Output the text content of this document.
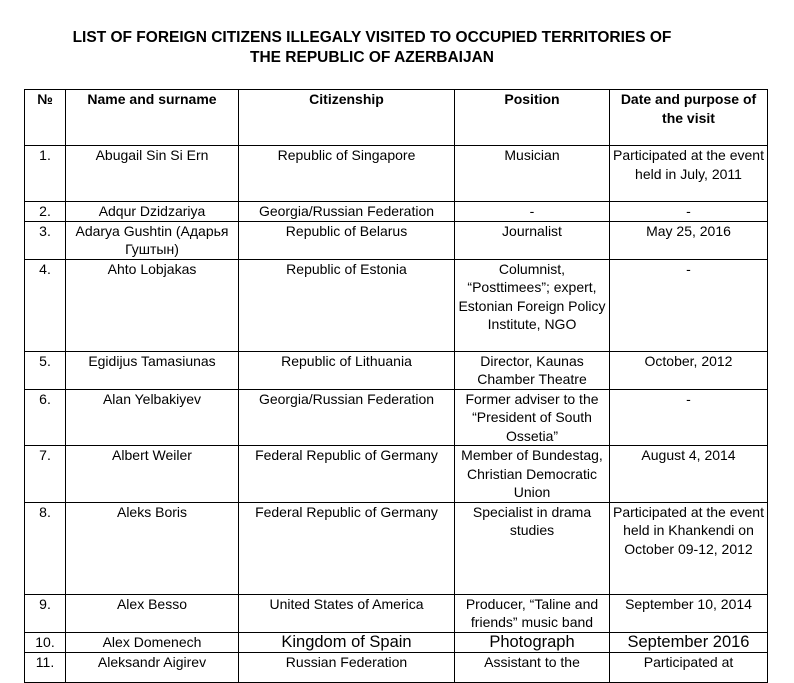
LIST OF FOREIGN CITIZENS ILLEGALY VISITED TO OCCUPIED TERRITORIES OF
THE REPUBLIC OF AZERBAIJAN
№	Name and surname	Citizenship	Position	Date and purpose of the visit
1.	Abugail Sin Si Ern	Republic of Singapore	Musician	Participated at the event held in July, 2011
2.	Adqur Dzidzariya	Georgia/Russian Federation	-	-
3.	Adarya Gushtin (Адарья Гуштын)	Republic of Belarus	Journalist	May 25, 2016
4.	Ahto Lobjakas	Republic of Estonia	Columnist, “Posttimees”; expert, Estonian Foreign Policy Institute, NGO	-
5.	Egidijus Tamasiunas	Republic of Lithuania	Director, Kaunas Chamber Theatre	October, 2012
6.	Alan Yelbakiyev	Georgia/Russian Federation	Former adviser to the “President of South Ossetia”	-
7.	Albert Weiler	Federal Republic of Germany	Member of Bundestag, Christian Democratic Union	August 4, 2014
8.	Aleks Boris	Federal Republic of Germany	Specialist in drama studies	Participated at the event held in Khankendi on October 09-12, 2012
9.	Alex Besso	United States of America	Producer, “Taline and friends” music band	September 10, 2014
10.	Alex Domenech	Kingdom of Spain	Photograph	September 2016
11.	Aleksandr Aigirev	Russian Federation	Assistant to the	Participated at
